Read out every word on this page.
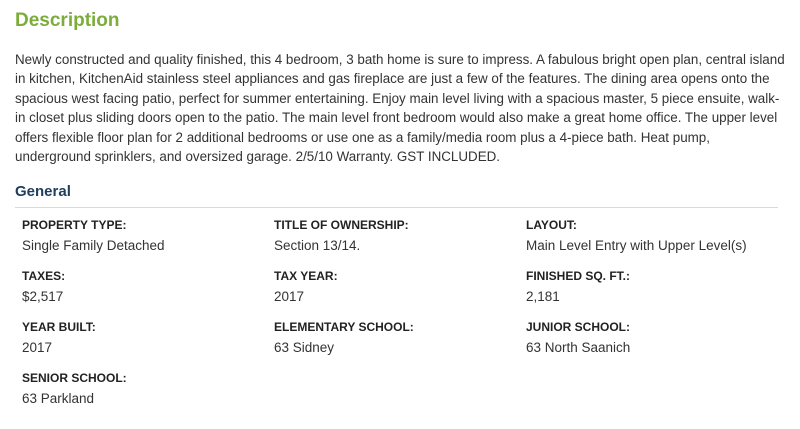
Description

Newly constructed and quality finished, this 4 bedroom, 3 bath home is sure to impress. A fabulous bright open plan, central island in kitchen, KitchenAid stainless steel appliances and gas fireplace are just a few of the features. The dining area opens onto the spacious west facing patio, perfect for summer entertaining. Enjoy main level living with a spacious master, 5 piece ensuite, walk-in closet plus sliding doors open to the patio. The main level front bedroom would also make a great home office. The upper level offers flexible floor plan for 2 additional bedrooms or use one as a family/media room plus a 4-piece bath. Heat pump, underground sprinklers, and oversized garage. 2/5/10 Warranty. GST INCLUDED.

General
PROPERTY TYPE:
Single Family Detached
TITLE OF OWNERSHIP:
Section 13/14.
LAYOUT:
Main Level Entry with Upper Level(s)
TAXES:
$2,517
TAX YEAR:
2017
FINISHED SQ. FT.:
2,181
YEAR BUILT:
2017
ELEMENTARY SCHOOL:
63 Sidney
JUNIOR SCHOOL:
63 North Saanich
SENIOR SCHOOL:
63 Parkland
